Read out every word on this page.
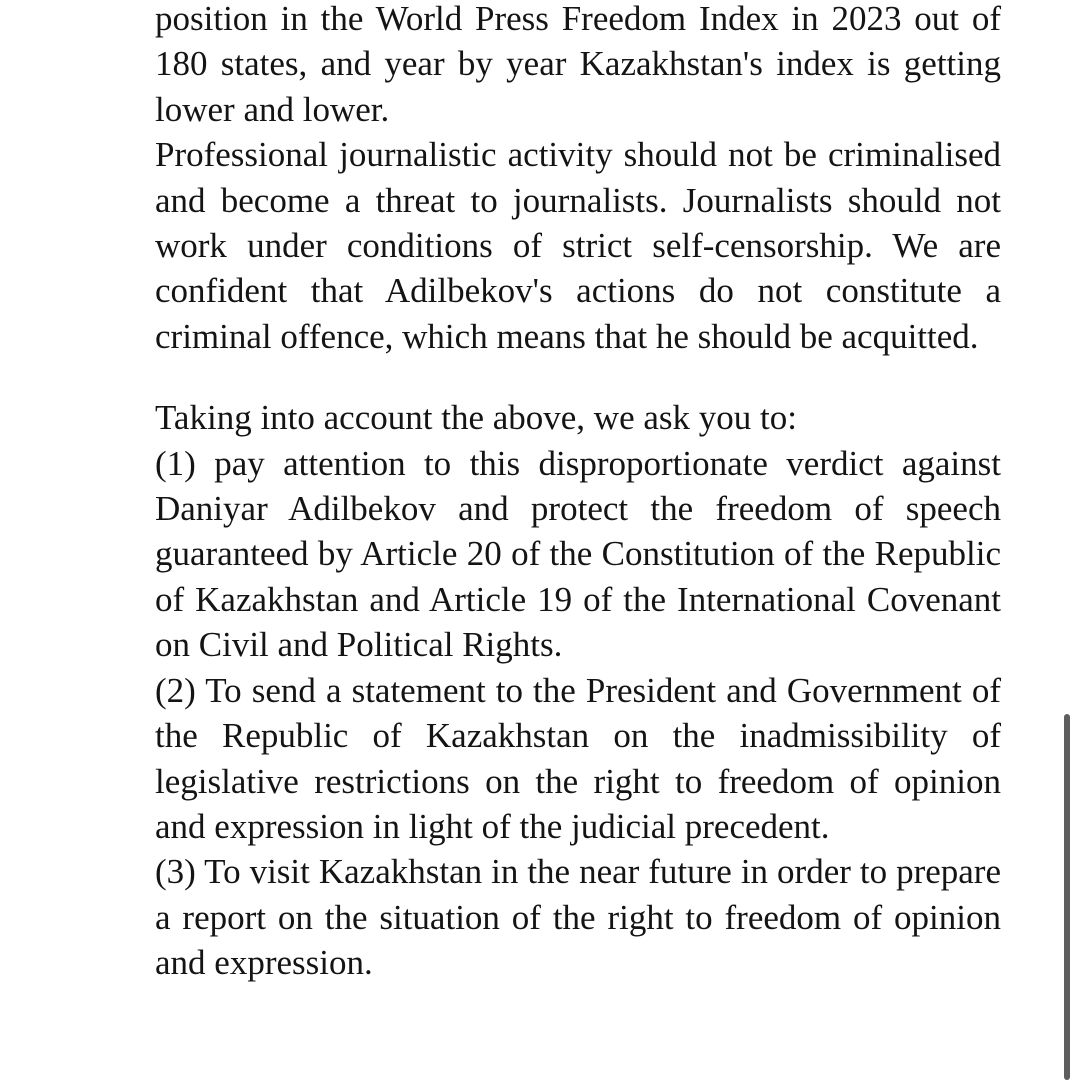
position in the World Press Freedom Index in 2023 out of 180 states, and year by year Kazakhstan's index is getting lower and lower.

Professional journalistic activity should not be criminalised and become a threat to journalists. Journalists should not work under conditions of strict self-censorship. We are confident that Adilbekov's actions do not constitute a criminal offence, which means that he should be acquitted.

Taking into account the above, we ask you to:

(1) pay attention to this disproportionate verdict against Daniyar Adilbekov and protect the freedom of speech guaranteed by Article 20 of the Constitution of the Republic of Kazakhstan and Article 19 of the International Covenant on Civil and Political Rights.

(2) To send a statement to the President and Government of the Republic of Kazakhstan on the inadmissibility of legislative restrictions on the right to freedom of opinion and expression in light of the judicial precedent.

(3) To visit Kazakhstan in the near future in order to prepare a report on the situation of the right to freedom of opinion and expression.
